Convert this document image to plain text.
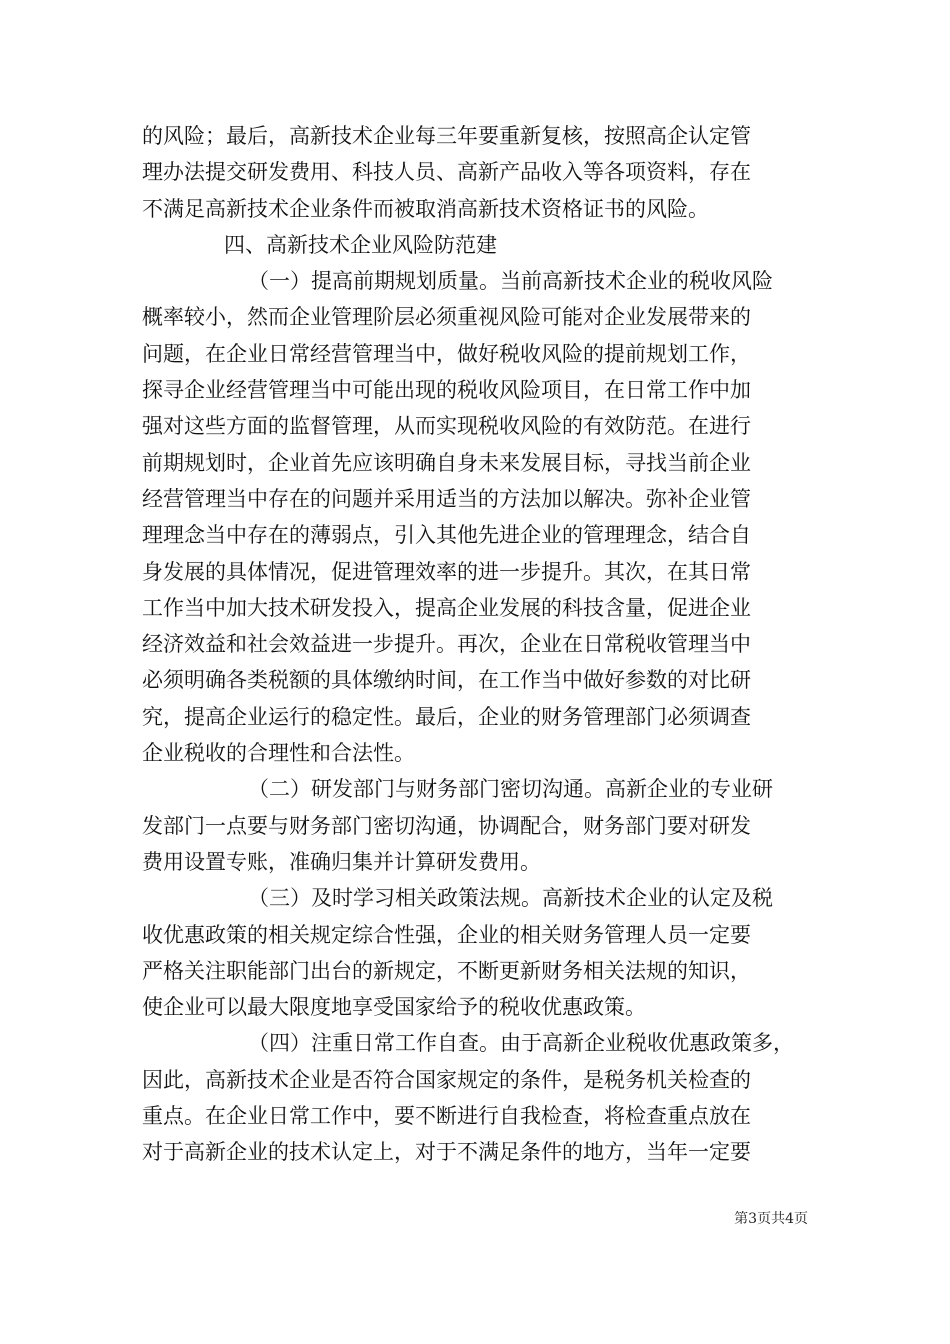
的风险；最后，高新技术企业每三年要重新复核，按照高企认定管
理办法提交研发费用、科技人员、高新产品收入等各项资料，存在
不满足高新技术企业条件而被取消高新技术资格证书的风险。
四、高新技术企业风险防范建
（一）提高前期规划质量。当前高新技术企业的税收风险
概率较小，然而企业管理阶层必须重视风险可能对企业发展带来的
问题，在企业日常经营管理当中，做好税收风险的提前规划工作，
探寻企业经营管理当中可能出现的税收风险项目，在日常工作中加
强对这些方面的监督管理，从而实现税收风险的有效防范。在进行
前期规划时，企业首先应该明确自身未来发展目标，寻找当前企业
经营管理当中存在的问题并采用适当的方法加以解决。弥补企业管
理理念当中存在的薄弱点，引入其他先进企业的管理理念，结合自
身发展的具体情况，促进管理效率的进一步提升。其次，在其日常
工作当中加大技术研发投入，提高企业发展的科技含量，促进企业
经济效益和社会效益进一步提升。再次，企业在日常税收管理当中
必须明确各类税额的具体缴纳时间，在工作当中做好参数的对比研
究，提高企业运行的稳定性。最后，企业的财务管理部门必须调查
企业税收的合理性和合法性。
（二）研发部门与财务部门密切沟通。高新企业的专业研
发部门一点要与财务部门密切沟通，协调配合，财务部门要对研发
费用设置专账，准确归集并计算研发费用。
（三）及时学习相关政策法规。高新技术企业的认定及税
收优惠政策的相关规定综合性强，企业的相关财务管理人员一定要
严格关注职能部门出台的新规定，不断更新财务相关法规的知识，
使企业可以最大限度地享受国家给予的税收优惠政策。
（四）注重日常工作自查。由于高新企业税收优惠政策多，
因此，高新技术企业是否符合国家规定的条件，是税务机关检查的
重点。在企业日常工作中，要不断进行自我检查，将检查重点放在
对于高新企业的技术认定上，对于不满足条件的地方，当年一定要
第3页共4页
